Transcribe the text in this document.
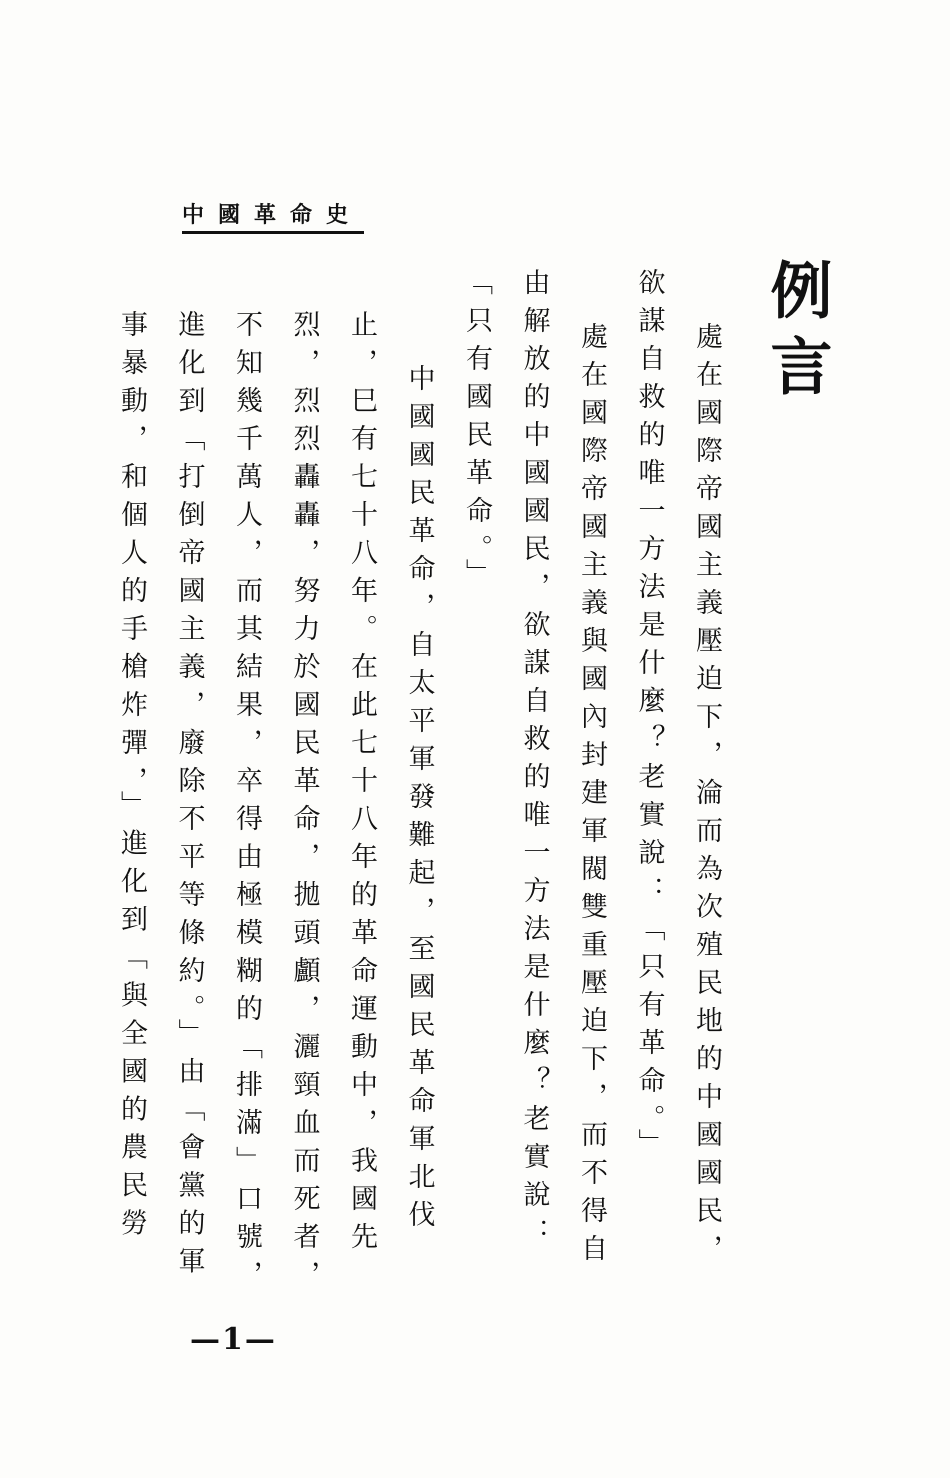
中國革命史
例言

處在國際帝國主義壓迫下，淪而為次殖民地的中國國民，欲謀自救的唯一方法是什麼？老實說：「只有革命。」

處在國際帝國主義與國內封建軍閥雙重壓迫下，而不得自由解放的中國國民，欲謀自救的唯一方法是什麼？老實說：「只有國民革命。」

中國國民革命，自太平軍發難起，至國民革命軍北伐止，巳有七十八年。在此七十八年的革命運動中，我國先烈，烈烈轟轟，努力於國民革命，拋頭顱，灑頸血而死者，不知幾千萬人，而其結果，卒得由極模糊的「排滿」口號，進化到「打倒帝國主義，廢除不平等條約。」由「會黨的軍事暴動，和個人的手槍炸彈，」進化到「與全國的農民勞

—1—
